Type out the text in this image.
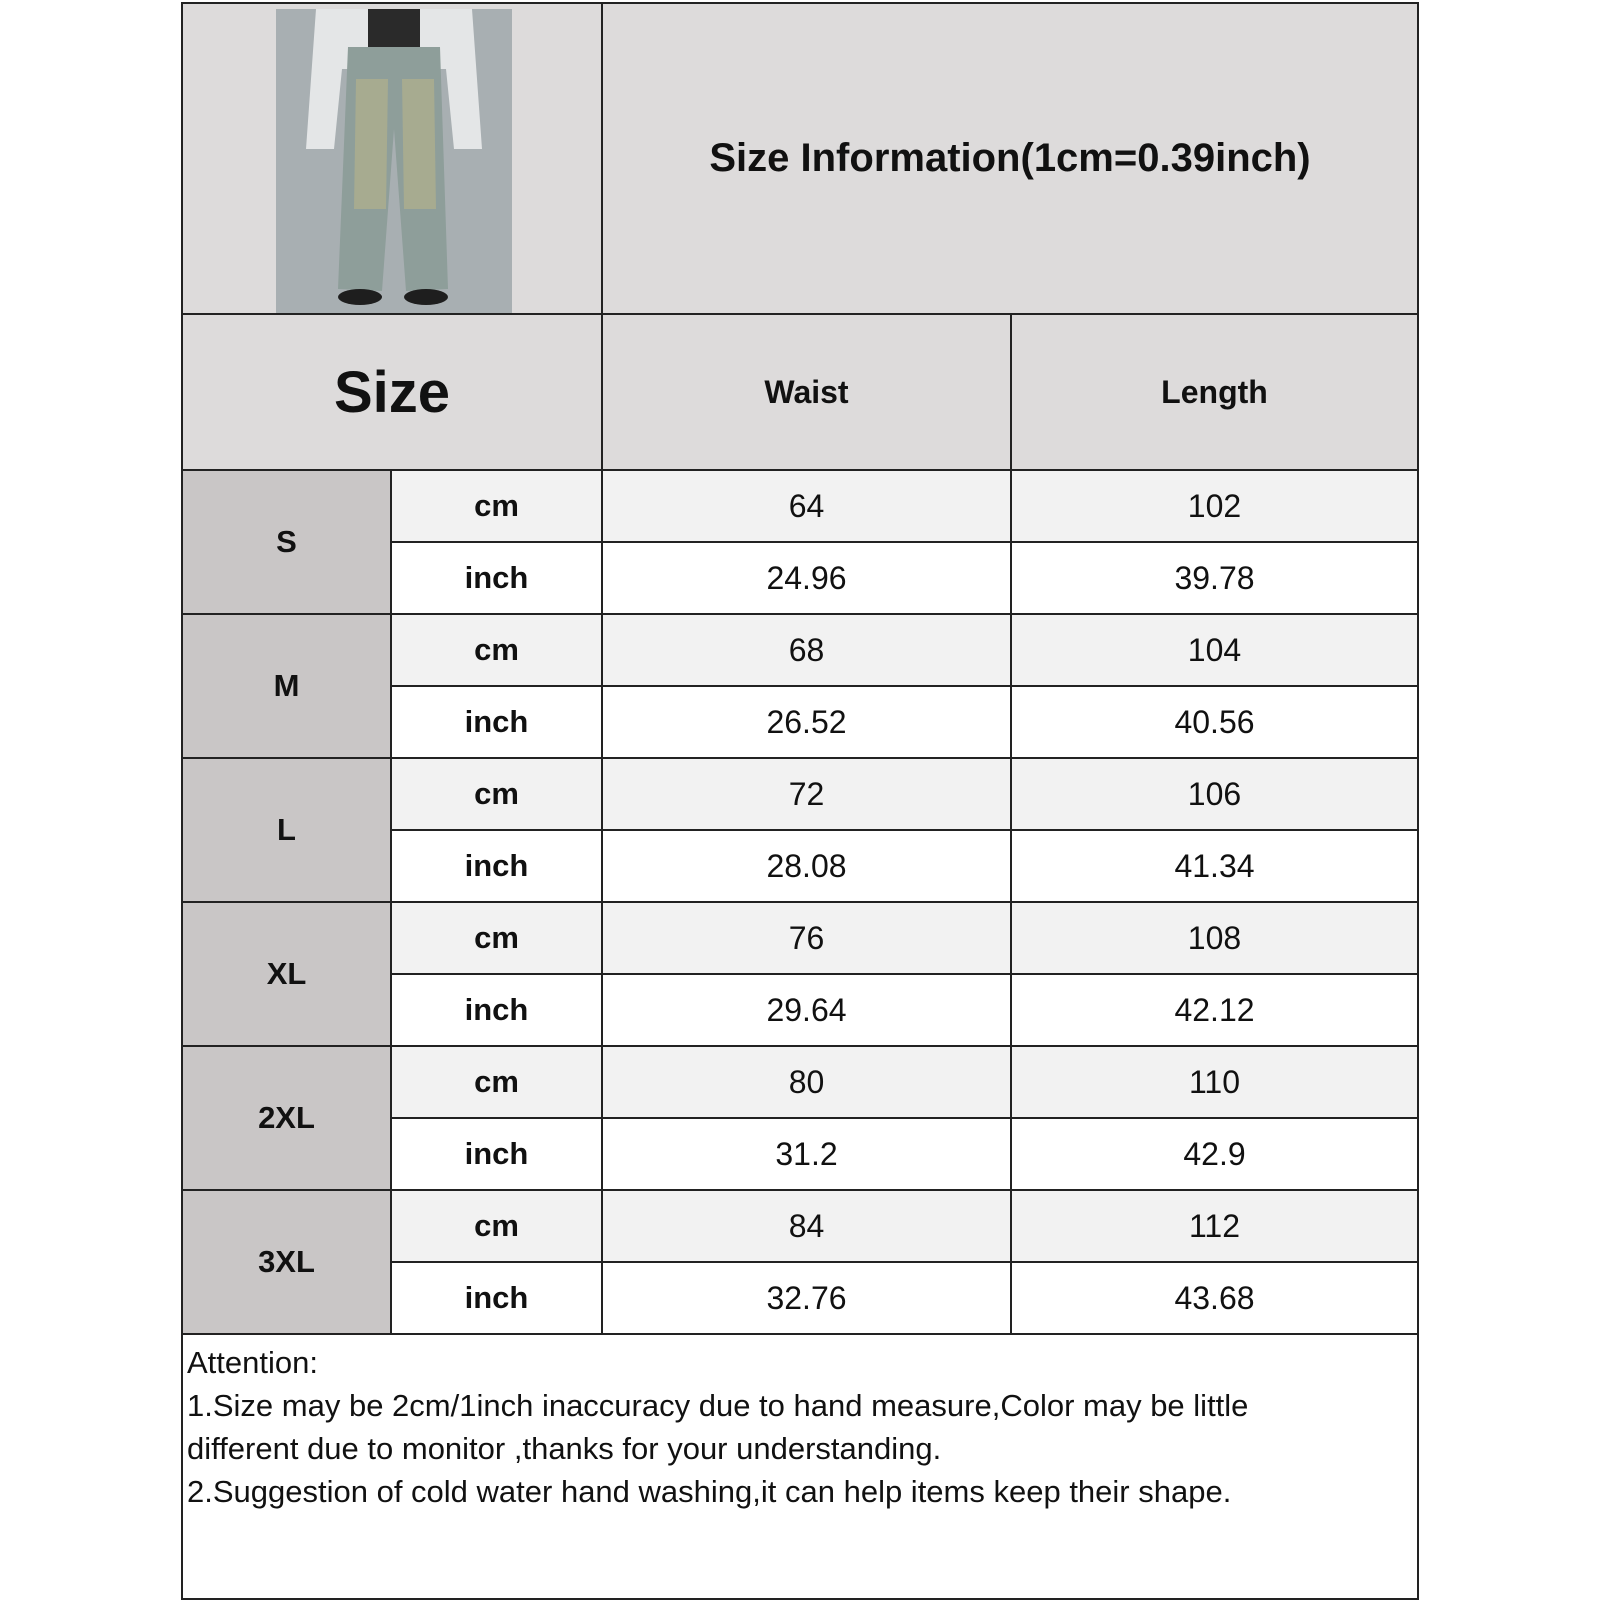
Size Information(1cm=0.39inch)
Size	Waist	Length
S
cm	64	102
inch	24.96	39.78
M
cm	68	104
inch	26.52	40.56
L
cm	72	106
inch	28.08	41.34
XL
cm	76	108
inch	29.64	42.12
2XL
cm	80	110
inch	31.2	42.9
3XL
cm	84	112
inch	32.76	43.68
Attention:
1.Size may be 2cm/1inch inaccuracy due to hand measure,Color may be little
different due to monitor ,thanks for your understanding.
2.Suggestion of cold water hand washing,it can help items keep their shape.
